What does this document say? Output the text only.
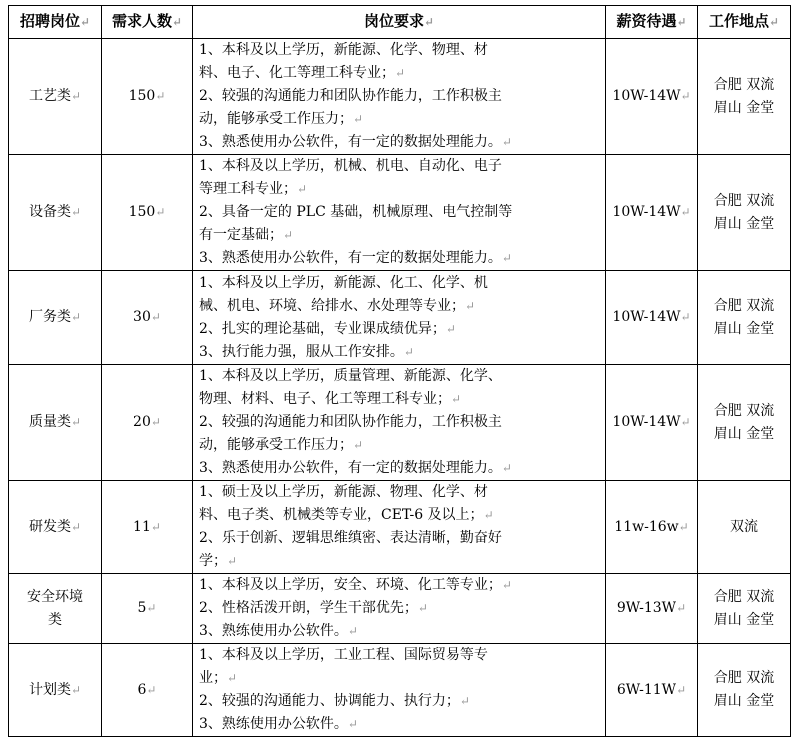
招聘岗位↵	需求人数↵	岗位要求↵	薪资待遇↵	工作地点↵
工艺类↵	150↵	1、本科及以上学历，新能源、化学、物理、材
料、电子、化工等理工科专业；↵
2、较强的沟通能力和团队协作能力，工作积极主
动，能够承受工作压力；↵
3、熟悉使用办公软件，有一定的数据处理能力。↵	10W-14W↵	合肥 双流
眉山 金堂

设备类↵	150↵	1、本科及以上学历，机械、机电、自动化、电子
等理工科专业；↵
2、具备一定的 PLC 基础，机械原理、电气控制等
有一定基础；↵
3、熟悉使用办公软件，有一定的数据处理能力。↵	10W-14W↵	合肥 双流
眉山 金堂

厂务类↵	30↵	1、本科及以上学历，新能源、化工、化学、机
械、机电、环境、给排水、水处理等专业；↵
2、扎实的理论基础，专业课成绩优异；↵
3、执行能力强，服从工作安排。↵	10W-14W↵	合肥 双流
眉山 金堂

质量类↵	20↵	1、本科及以上学历，质量管理、新能源、化学、
物理、材料、电子、化工等理工科专业；↵
2、较强的沟通能力和团队协作能力，工作积极主
动，能够承受工作压力；↵
3、熟悉使用办公软件，有一定的数据处理能力。↵	10W-14W↵	合肥 双流
眉山 金堂

研发类↵	11↵	1、硕士及以上学历，新能源、物理、化学、材
料、电子类、机械类等专业，CET-6 及以上；↵
2、乐于创新、逻辑思维缜密、表达清晰，勤奋好
学；↵	11w-16w↵	双流

安全环境
类	5↵	1、本科及以上学历，安全、环境、化工等专业；↵
2、性格活泼开朗，学生干部优先；↵
3、熟练使用办公软件。↵	9W-13W↵	合肥 双流
眉山 金堂

计划类↵	6↵	1、本科及以上学历，工业工程、国际贸易等专
业；↵
2、较强的沟通能力、协调能力、执行力；↵
3、熟练使用办公软件。↵	6W-11W↵	合肥 双流
眉山 金堂
